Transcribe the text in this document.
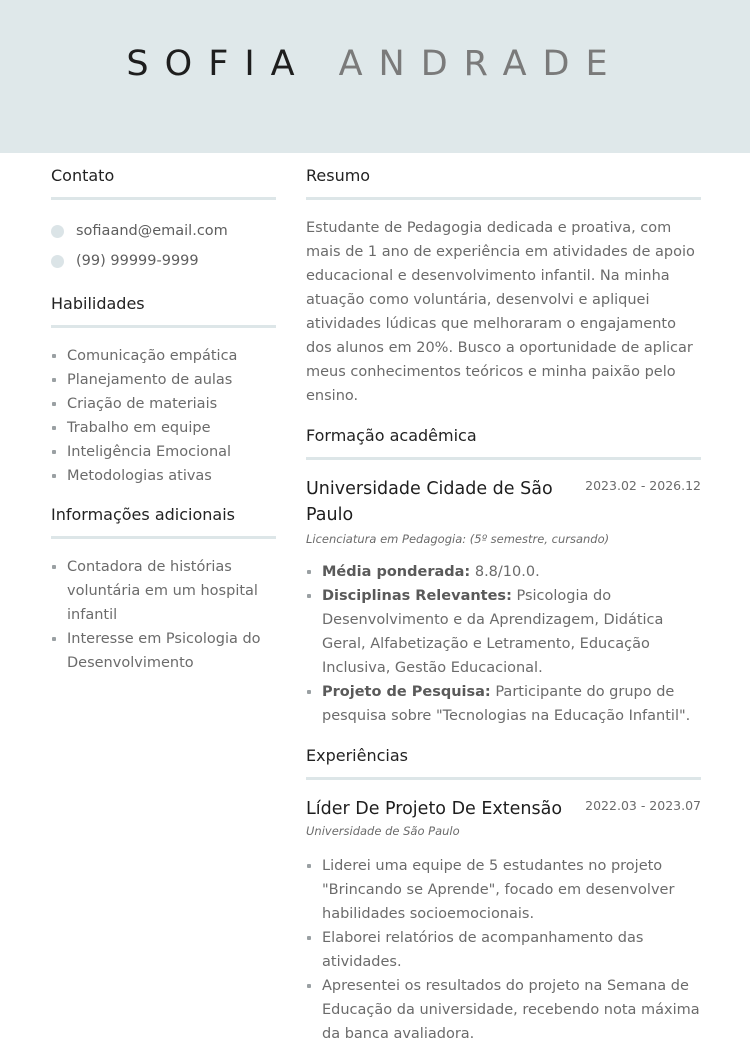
SOFIA ANDRADE
Contato
sofiaand@email.com
(99) 99999-9999
Habilidades
Comunicação empática
Planejamento de aulas
Criação de materiais
Trabalho em equipe
Inteligência Emocional
Metodologias ativas
Informações adicionais
Contadora de histórias voluntária em um hospital infantil
Interesse em Psicologia do Desenvolvimento
Resumo

Estudante de Pedagogia dedicada e proativa, com mais de 1 ano de experiência em atividades de apoio educacional e desenvolvimento infantil. Na minha atuação como voluntária, desenvolvi e apliquei atividades lúdicas que melhoraram o engajamento dos alunos em 20%. Busco a oportunidade de aplicar meus conhecimentos teóricos e minha paixão pelo ensino.

Formação acadêmica
Universidade Cidade de São Paulo
2023.02 - 2026.12
Licenciatura em Pedagogia: (5º semestre, cursando)
Média ponderada: 8.8/10.0.
Disciplinas Relevantes: Psicologia do Desenvolvimento e da Aprendizagem, Didática Geral, Alfabetização e Letramento, Educação Inclusiva, Gestão Educacional.
Projeto de Pesquisa: Participante do grupo de pesquisa sobre "Tecnologias na Educação Infantil".
Experiências
Líder De Projeto De Extensão	2022.03 - 2023.07
Universidade de São Paulo
Liderei uma equipe de 5 estudantes no projeto "Brincando se Aprende", focado em desenvolver habilidades socioemocionais.
Elaborei relatórios de acompanhamento das atividades.
Apresentei os resultados do projeto na Semana de Educação da universidade, recebendo nota máxima da banca avaliadora.
